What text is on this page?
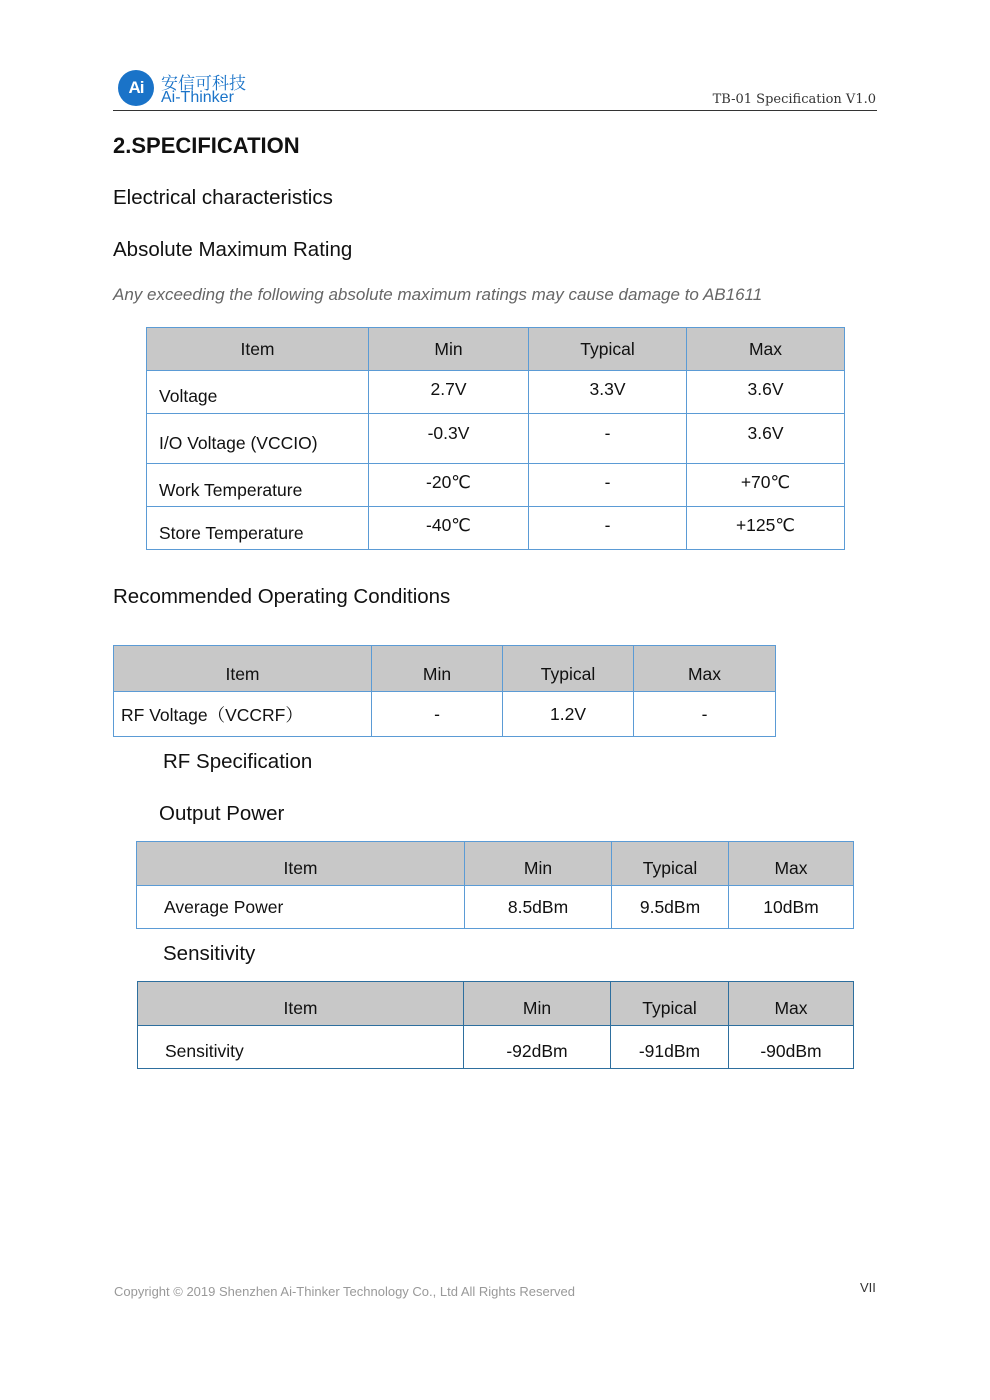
Ai 安信可科技
Ai-Thinker	TB-01 Specification V1.0
2.SPECIFICATION
Electrical characteristics
Absolute Maximum Rating
Any exceeding the following absolute maximum ratings may cause damage to AB1611
Item	Min	Typical	Max
Voltage	2.7V	3.3V	3.6V
I/O Voltage (VCCIO)	-0.3V	-	3.6V
Work Temperature	-20℃	-	+70℃
Store Temperature	-40℃	-	+125℃
Recommended Operating Conditions
Item	Min	Typical	Max
RF Voltage（VCCRF）	-	1.2V	-
RF Specification
Output Power
Item	Min	Typical	Max
Average Power	8.5dBm	9.5dBm	10dBm
Sensitivity
Item	Min	Typical	Max
Sensitivity	-92dBm	-91dBm	-90dBm
Copyright © 2019 Shenzhen Ai-Thinker Technology Co., Ltd All Rights Reserved	VII
